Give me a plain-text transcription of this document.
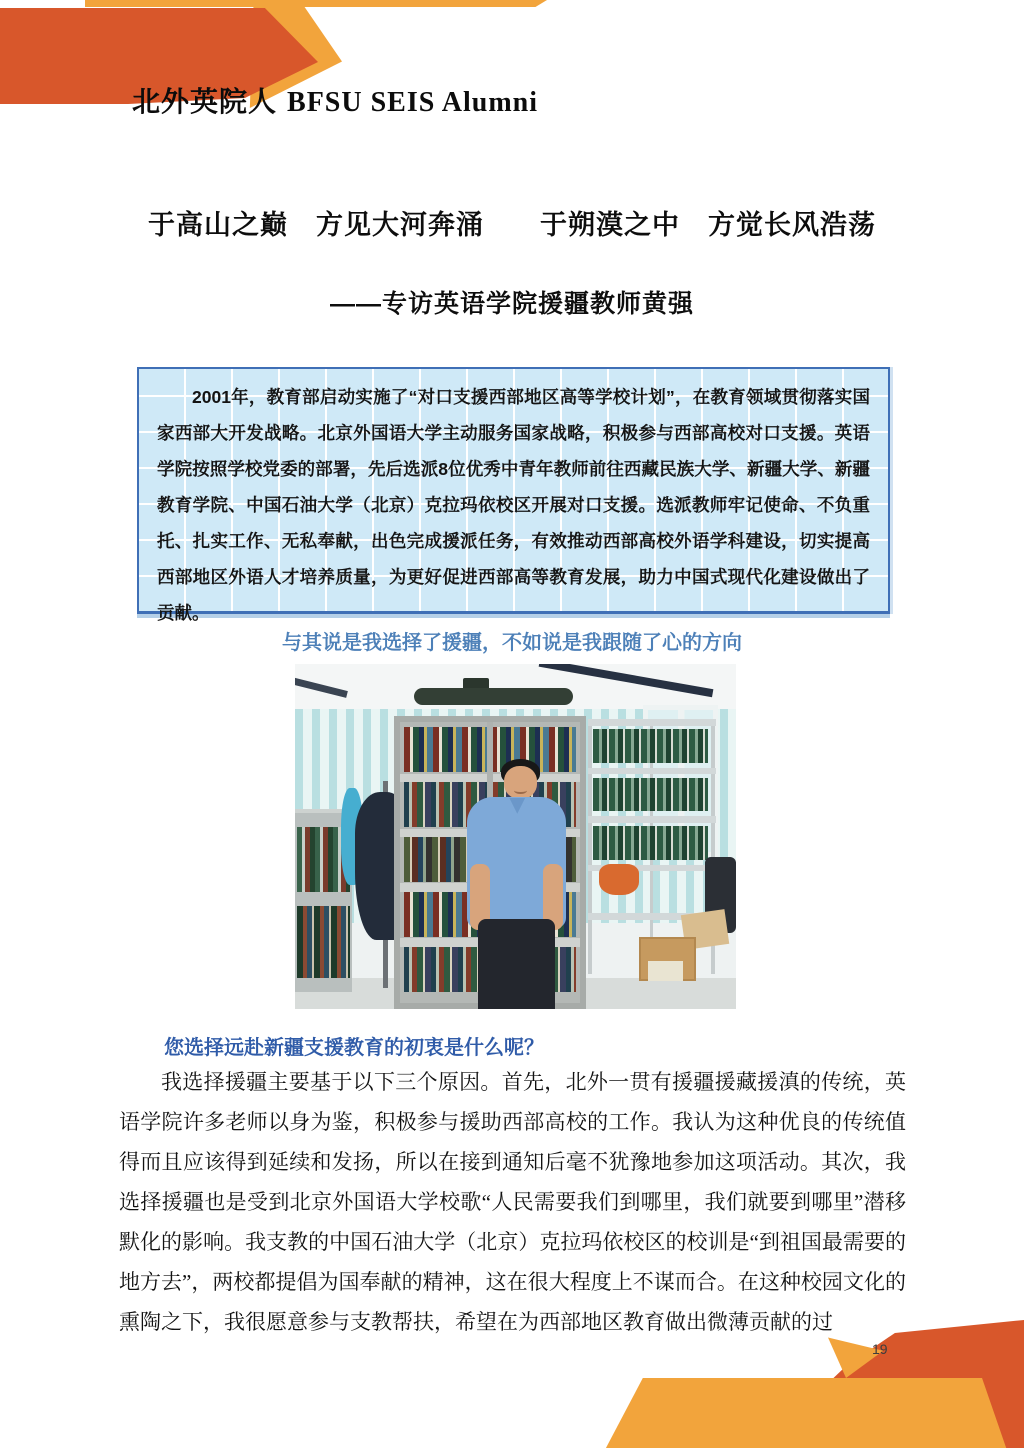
北外英院人 BFSU SEIS Alumni
于高山之巅　方见大河奔涌　　于朔漠之中　方觉长风浩荡
——专访英语学院援疆教师黄强

2001年，教育部启动实施了“对口支援西部地区高等学校计划”，在教育领域贯彻落实国家西部大开发战略。北京外国语大学主动服务国家战略，积极参与西部高校对口支援。英语学院按照学校党委的部署，先后选派8位优秀中青年教师前往西藏民族大学、新疆大学、新疆教育学院、中国石油大学（北京）克拉玛依校区开展对口支援。选派教师牢记使命、不负重托、扎实工作、无私奉献，出色完成援派任务，有效推动西部高校外语学科建设，切实提高西部地区外语人才培养质量，为更好促进西部高等教育发展，助力中国式现代化建设做出了贡献。

与其说是我选择了援疆，不如说是我跟随了心的方向
您选择远赴新疆支援教育的初衷是什么呢？

我选择援疆主要基于以下三个原因。首先，北外一贯有援疆援藏援滇的传统，英语学院许多老师以身为鉴，积极参与援助西部高校的工作。我认为这种优良的传统值得而且应该得到延续和发扬，所以在接到通知后毫不犹豫地参加这项活动。其次，我选择援疆也是受到北京外国语大学校歌“人民需要我们到哪里，我们就要到哪里”潜移默化的影响。我支教的中国石油大学（北京）克拉玛依校区的校训是“到祖国最需要的地方去”，两校都提倡为国奉献的精神，这在很大程度上不谋而合。在这种校园文化的熏陶之下，我很愿意参与支教帮扶，希望在为西部地区教育做出微薄贡献的过

19
